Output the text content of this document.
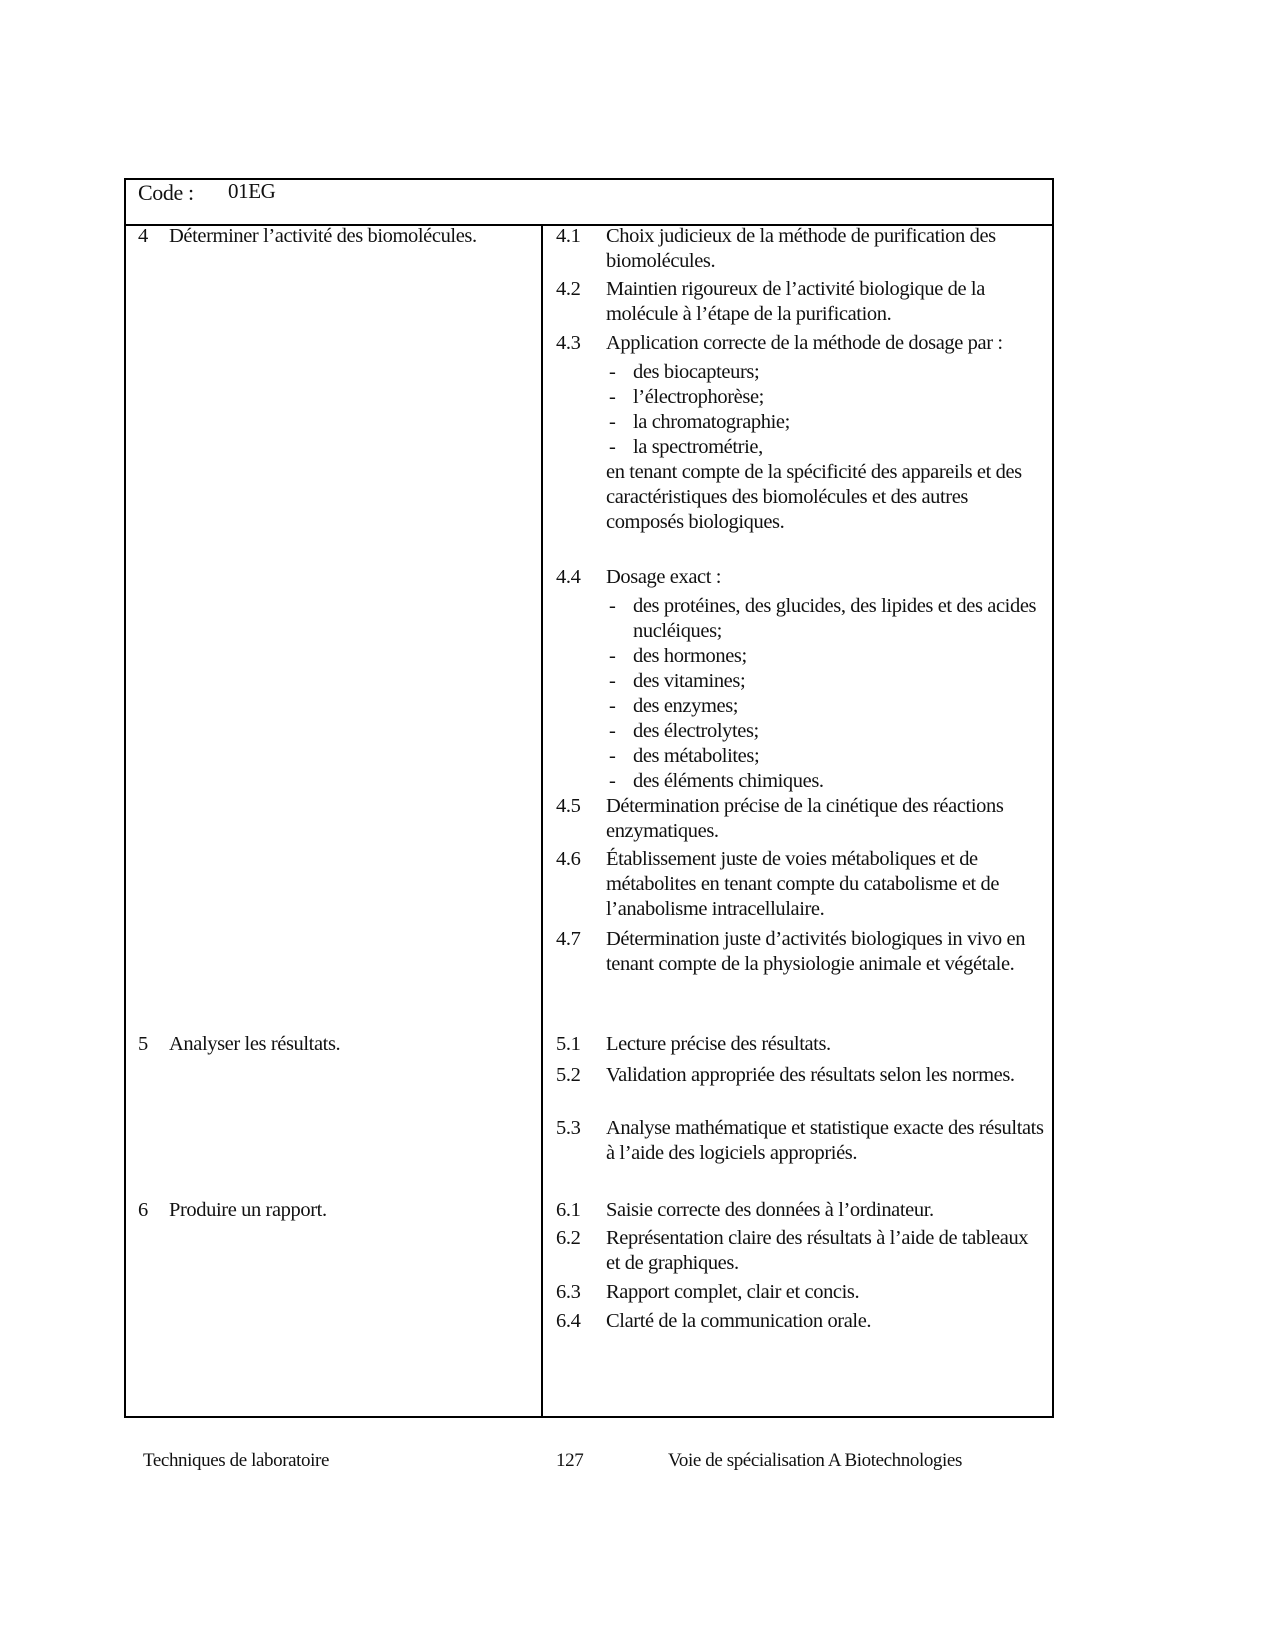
Code : 01EG
4 Déterminer l’activité des biomolécules.
5 Analyser les résultats.
6 Produire un rapport.
4.1 Choix judicieux de la méthode de purification des biomolécules.
4.2 Maintien rigoureux de l’activité biologique de la molécule à l’étape de la purification.
4.3 Application correcte de la méthode de dosage par :
- des biocapteurs;
- l’électrophorèse;
- la chromatographie;
- la spectrométrie,
en tenant compte de la spécificité des appareils et des caractéristiques des biomolécules et des autres composés biologiques.
4.4 Dosage exact :
- des protéines, des glucides, des lipides et des acides nucléiques;
- des hormones;
- des vitamines;
- des enzymes;
- des électrolytes;
- des métabolites;
- des éléments chimiques.
4.5 Détermination précise de la cinétique des réactions enzymatiques.
4.6 Établissement juste de voies métaboliques et de métabolites en tenant compte du catabolisme et de l’anabolisme intracellulaire.
4.7 Détermination juste d’activités biologiques in vivo en tenant compte de la physiologie animale et végétale.
5.1 Lecture précise des résultats.
5.2 Validation appropriée des résultats selon les normes.
5.3 Analyse mathématique et statistique exacte des résultats à l’aide des logiciels appropriés.
6.1 Saisie correcte des données à l’ordinateur.
6.2 Représentation claire des résultats à l’aide de tableaux et de graphiques.
6.3 Rapport complet, clair et concis.
6.4 Clarté de la communication orale.
Techniques de laboratoire	127	Voie de spécialisation A Biotechnologies
